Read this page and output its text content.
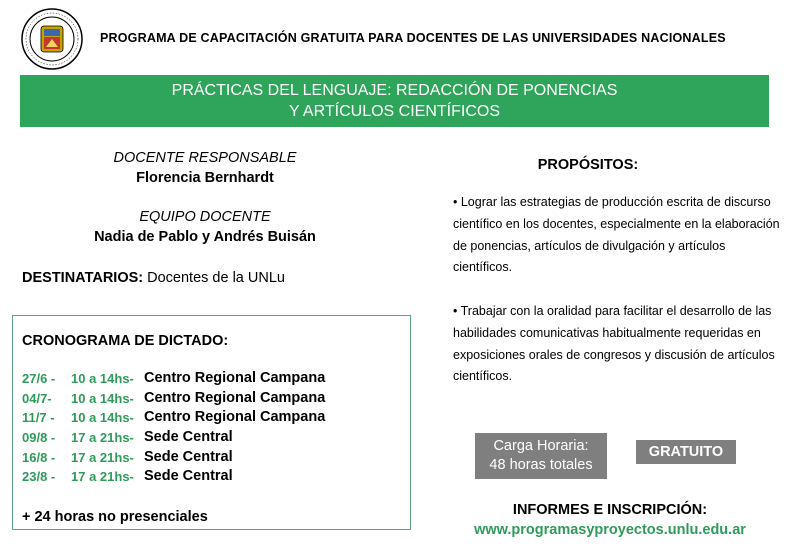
PROGRAMA DE CAPACITACIÓN GRATUITA PARA DOCENTES DE LAS UNIVERSIDADES NACIONALES
PRÁCTICAS DEL LENGUAJE: REDACCIÓN DE PONENCIAS
Y ARTÍCULOS CIENTÍFICOS
DOCENTE RESPONSABLE
Florencia Bernhardt
EQUIPO DOCENTE
Nadia de Pablo y Andrés Buisán
DESTINATARIOS: Docentes de la UNLu
CRONOGRAMA DE DICTADO:
27/6 - 10 a 14hs- Centro Regional Campana
04/7- 10 a 14hs- Centro Regional Campana
11/7 - 10 a 14hs- Centro Regional Campana
09/8 - 17 a 21hs- Sede Central
16/8 - 17 a 21hs- Sede Central
23/8 - 17 a 21hs- Sede Central
+ 24 horas no presenciales
PROPÓSITOS:
• Lograr las estrategias de producción escrita de discurso científico en los docentes, especialmente en la elaboración de ponencias, artículos de divulgación y artículos científicos.
• Trabajar con la oralidad para facilitar el desarrollo de las habilidades comunicativas habitualmente requeridas en exposiciones orales de congresos y discusión de artículos científicos.
Carga Horaria:
48 horas totales
GRATUITO
INFORMES E INSCRIPCIÓN:
www.programasyproyectos.unlu.edu.ar
